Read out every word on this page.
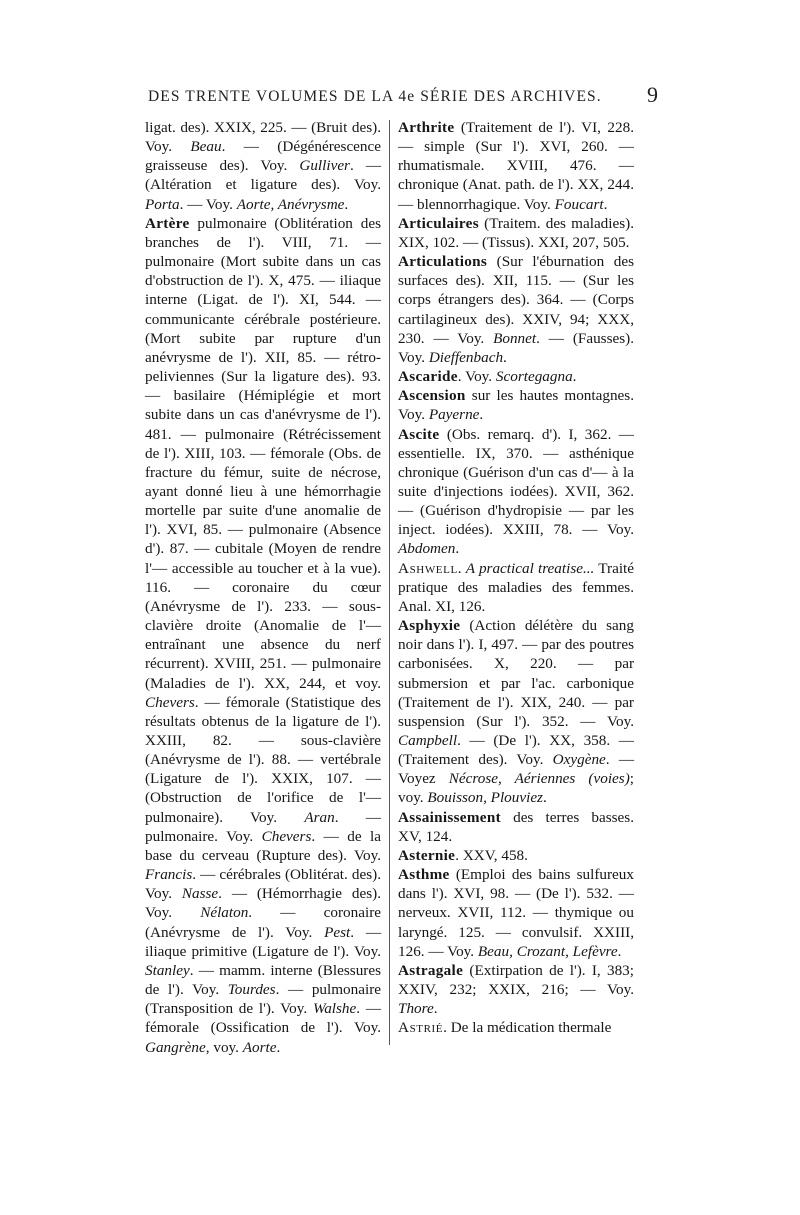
DES TRENTE VOLUMES DE LA 4e SÉRIE DES ARCHIVES. 9

ligat. des). XXIX, 225. — (Bruit des). Voy. Beau. — (Dégénérescence graisseuse des). Voy. Gulliver. — (Altération et ligature des). Voy. Porta. — Voy. Aorte, Anévrysme.

Artère pulmonaire (Oblitération des branches de l'). VIII, 71. — pulmonaire (Mort subite dans un cas d'obstruction de l'). X, 475. — iliaque interne (Ligat. de l'). XI, 544. — communicante cérébrale postérieure. (Mort subite par rupture d'un anévrysme de l'). XII, 85. — rétro-peliviennes (Sur la ligature des). 93. — basilaire (Hémiplégie et mort subite dans un cas d'anévrysme de l'). 481. — pulmonaire (Rétrécissement de l'). XIII, 103. — fémorale (Obs. de fracture du fémur, suite de nécrose, ayant donné lieu à une hémorrhagie mortelle par suite d'une anomalie de l'). XVI, 85. — pulmonaire (Absence d'). 87. — cubitale (Moyen de rendre l'— accessible au toucher et à la vue). 116. — coronaire du cœur (Anévrysme de l'). 233. — sous-clavière droite (Anomalie de l'— entraînant une absence du nerf récurrent). XVIII, 251. — pulmonaire (Maladies de l'). XX, 244, et voy. Chevers. — fémorale (Statistique des résultats obtenus de la ligature de l'). XXIII, 82. — sous-clavière (Anévrysme de l'). 88. — vertébrale (Ligature de l'). XXIX, 107. — (Obstruction de l'orifice de l'— pulmonaire). Voy. Aran. — pulmonaire. Voy. Chevers. — de la base du cerveau (Rupture des). Voy. Francis. — cérébrales (Oblitérat. des). Voy. Nasse. — (Hémorrhagie des). Voy. Nélaton. — coronaire (Anévrysme de l'). Voy. Pest. — iliaque primitive (Ligature de l'). Voy. Stanley. — mamm. interne (Blessures de l'). Voy. Tourdes. — pulmonaire (Transposition de l'). Voy. Walshe. — fémorale (Ossification de l'). Voy. Gangrène, voy. Aorte.

Arthrite (Traitement de l'). VI, 228. — simple (Sur l'). XVI, 260. — rhumatismale. XVIII, 476. — chronique (Anat. path. de l'). XX, 244. — blennorrhagique. Voy. Foucart.

Articulaires (Traitem. des maladies). XIX, 102. — (Tissus). XXI, 207, 505.

Articulations (Sur l'éburnation des surfaces des). XII, 115. — (Sur les corps étrangers des). 364. — (Corps cartilagineux des). XXIV, 94; XXX, 230. — Voy. Bonnet. — (Fausses). Voy. Dieffenbach.

Ascaride. Voy. Scortegagna.

Ascension sur les hautes montagnes. Voy. Payerne.

Ascite (Obs. remarq. d'). I, 362. — essentielle. IX, 370. — asthénique chronique (Guérison d'un cas d'— à la suite d'injections iodées). XVII, 362. — (Guérison d'hydropisie — par les inject. iodées). XXIII, 78. — Voy. Abdomen.

Ashwell. A practical treatise... Traité pratique des maladies des femmes. Anal. XI, 126.

Asphyxie (Action délétère du sang noir dans l'). I, 497. — par des poutres carbonisées. X, 220. — par submersion et par l'ac. carbonique (Traitement de l'). XIX, 240. — par suspension (Sur l'). 352. — Voy. Campbell. — (De l'). XX, 358. — (Traitement des). Voy. Oxygène. — Voyez Nécrose, Aériennes (voies); voy. Bouisson, Plouviez.

Assainissement des terres basses. XV, 124.

Asternie. XXV, 458.

Asthme (Emploi des bains sulfureux dans l'). XVI, 98. — (De l'). 532. — nerveux. XVII, 112. — thymique ou laryngé. 125. — convulsif. XXIII, 126. — Voy. Beau, Crozant, Lefèvre.

Astragale (Extirpation de l'). I, 383; XXIV, 232; XXIX, 216; — Voy. Thore.

Astrié. De la médication thermale
